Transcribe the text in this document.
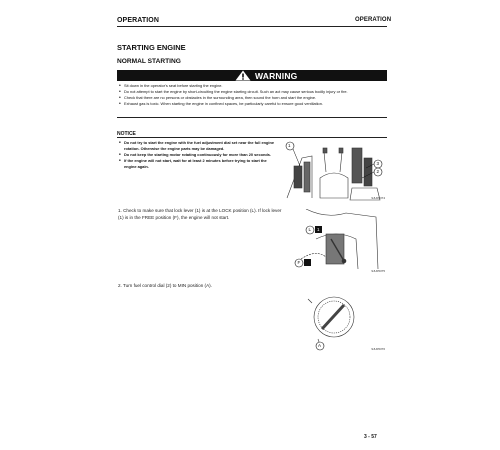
OPERATION	OPERATION
STARTING ENGINE
NORMAL STARTING
WARNING
• Sit down in the operator's seat before starting the engine.
• Do not attempt to start the engine by short-circuiting the engine starting circuit. Such an act may cause serious bodily injury or fire.
• Check that there are no persons or obstacles in the surrounding area, then sound the horn and start the engine.
• Exhaust gas is toxic. When starting the engine in confined spaces, be particularly careful to ensure good ventilation.
NOTICE
• Do not try to start the engine with the fuel adjustment dial set near the full engine rotation. Otherwise the engine parts may be damaged.
• Do not keep the starting motor rotating continuously for more than 20 seconds.
• If the engine will not start, wait for at least 2 minutes before trying to start the engine again.
1
3
2
9JU05374
1. Check to make sure that lock lever (1) is at the LOCK position (L). If lock lever (1) is in the FREE position (F), the engine will not start.
L 1
F
9JU05375
2. Turn fuel control dial (2) to MIN position (A).
A
9JU05376
3 - 57
